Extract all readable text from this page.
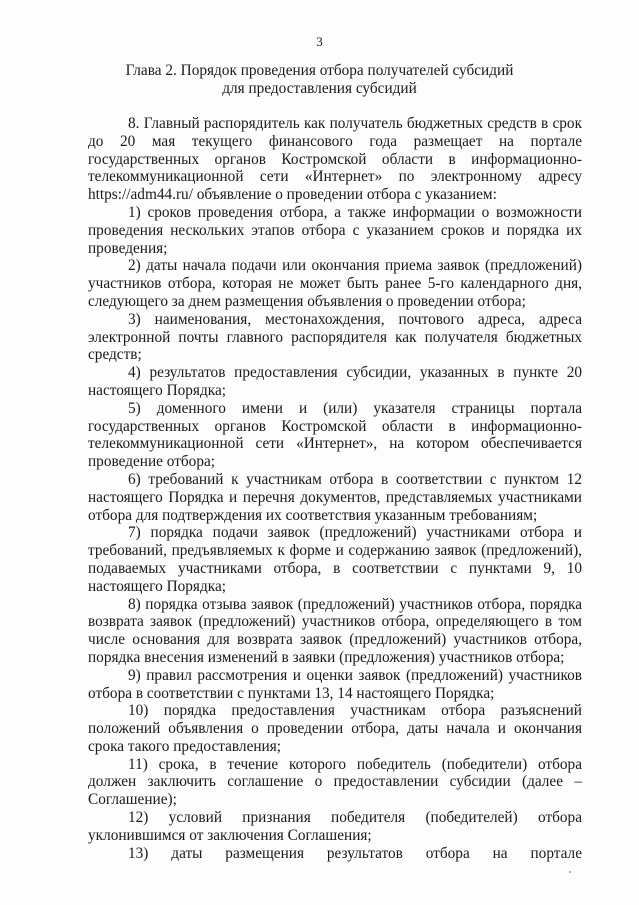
3
Глава 2. Порядок проведения отбора получателей субсидий
для предоставления субсидий

8. Главный распорядитель как получатель бюджетных средств в срок до 20 мая текущего финансового года размещает на портале государственных органов Костромской области в информационно-телекоммуникационной сети «Интернет» по электронному адресу https://adm44.ru/ объявление о проведении отбора с указанием:

1) сроков проведения отбора, а также информации о возможности проведения нескольких этапов отбора с указанием сроков и порядка их проведения;

2) даты начала подачи или окончания приема заявок (предложений) участников отбора, которая не может быть ранее 5-го календарного дня, следующего за днем размещения объявления о проведении отбора;

3) наименования, местонахождения, почтового адреса, адреса электронной почты главного распорядителя как получателя бюджетных средств;

4) результатов предоставления субсидии, указанных в пункте 20 настоящего Порядка;

5) доменного имени и (или) указателя страницы портала государственных органов Костромской области в информационно-телекоммуникационной сети «Интернет», на котором обеспечивается проведение отбора;

6) требований к участникам отбора в соответствии с пунктом 12 настоящего Порядка и перечня документов, представляемых участниками отбора для подтверждения их соответствия указанным требованиям;

7) порядка подачи заявок (предложений) участниками отбора и требований, предъявляемых к форме и содержанию заявок (предложений), подаваемых участниками отбора, в соответствии с пунктами 9, 10 настоящего Порядка;

8) порядка отзыва заявок (предложений) участников отбора, порядка возврата заявок (предложений) участников отбора, определяющего в том числе основания для возврата заявок (предложений) участников отбора, порядка внесения изменений в заявки (предложения) участников отбора;

9) правил рассмотрения и оценки заявок (предложений) участников отбора в соответствии с пунктами 13, 14 настоящего Порядка;

10) порядка предоставления участникам отбора разъяснений положений объявления о проведении отбора, даты начала и окончания срока такого предоставления;

11) срока, в течение которого победитель (победители) отбора должен заключить соглашение о предоставлении субсидии (далее – Соглашение);

12) условий признания победителя (победителей) отбора уклонившимся от заключения Соглашения;

13) даты размещения результатов отбора на портале
